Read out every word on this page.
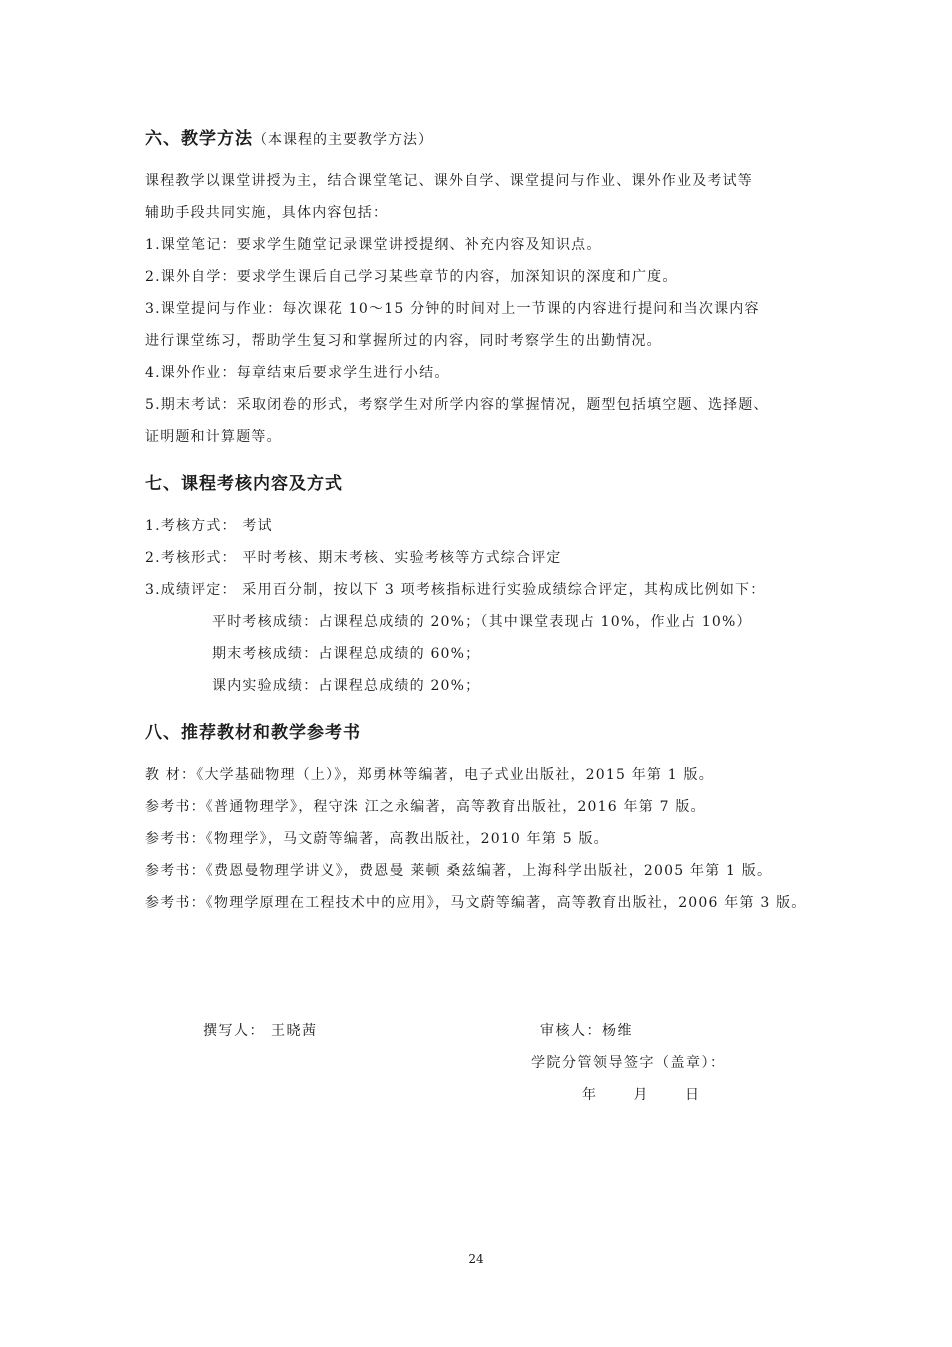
六、教学方法（本课程的主要教学方法）
课程教学以课堂讲授为主，结合课堂笔记、课外自学、课堂提问与作业、课外作业及考试等
辅助手段共同实施，具体内容包括：
1.课堂笔记：要求学生随堂记录课堂讲授提纲、补充内容及知识点。
2.课外自学：要求学生课后自己学习某些章节的内容，加深知识的深度和广度。
3.课堂提问与作业：每次课花 10～15 分钟的时间对上一节课的内容进行提问和当次课内容
进行课堂练习，帮助学生复习和掌握所过的内容，同时考察学生的出勤情况。
4.课外作业：每章结束后要求学生进行小结。
5.期末考试：采取闭卷的形式，考察学生对所学内容的掌握情况，题型包括填空题、选择题、
证明题和计算题等。
七、课程考核内容及方式
1.考核方式： 考试
2.考核形式： 平时考核、期末考核、实验考核等方式综合评定
3.成绩评定： 采用百分制，按以下 3 项考核指标进行实验成绩综合评定，其构成比例如下：
平时考核成绩：占课程总成绩的 20%；（其中课堂表现占 10%，作业占 10%）
期末考核成绩：占课程总成绩的 60%；
课内实验成绩：占课程总成绩的 20%；
八、推荐教材和教学参考书
教 材：《大学基础物理（上）》，郑勇林等编著，电子式业出版社，2015 年第 1 版。
参考书：《普通物理学》，程守洙 江之永编著，高等教育出版社，2016 年第 7 版。
参考书：《物理学》，马文蔚等编著，高教出版社，2010 年第 5 版。
参考书：《费恩曼物理学讲义》，费恩曼 莱顿 桑兹编著，上海科学出版社，2005 年第 1 版。
参考书：《物理学原理在工程技术中的应用》，马文蔚等编著，高等教育出版社，2006 年第 3 版。
撰写人： 王晓茜	审核人：杨维
学院分管领导签字（盖章）：
年	月	日
24
